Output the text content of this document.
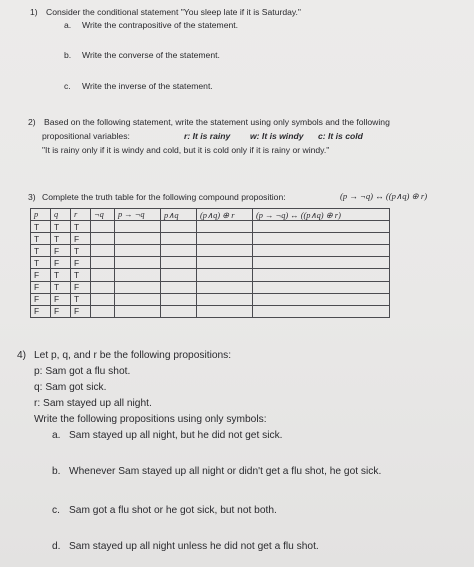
1) Consider the conditional statement "You sleep late if it is Saturday."
a. Write the contrapositive of the statement.
b. Write the converse of the statement.
c. Write the inverse of the statement.
2) Based on the following statement, write the statement using only symbols and the following
propositional variables:	r: It is rainy w: It is windy c: It is cold
"It is rainy only if it is windy and cold, but it is cold only if it is rainy or windy."
3) Complete the truth table for the following compound proposition:	(p → ¬q) ↔ ((p∧q) ⊕ r)
p	q	r	¬q	p → ¬q	p∧q	(p∧q) ⊕ r	(p → ¬q) ↔ ((p∧q) ⊕ r)
T	T	T					
T	T	F					
T	F	T					
T	F	F					
F	T	T					
F	T	F					
F	F	T					
F	F	F					
4) Let p, q, and r be the following propositions:
p: Sam got a flu shot.
q: Sam got sick.
r: Sam stayed up all night.
Write the following propositions using only symbols:
a. Sam stayed up all night, but he did not get sick.
b. Whenever Sam stayed up all night or didn't get a flu shot, he got sick.
c. Sam got a flu shot or he got sick, but not both.
d. Sam stayed up all night unless he did not get a flu shot.
